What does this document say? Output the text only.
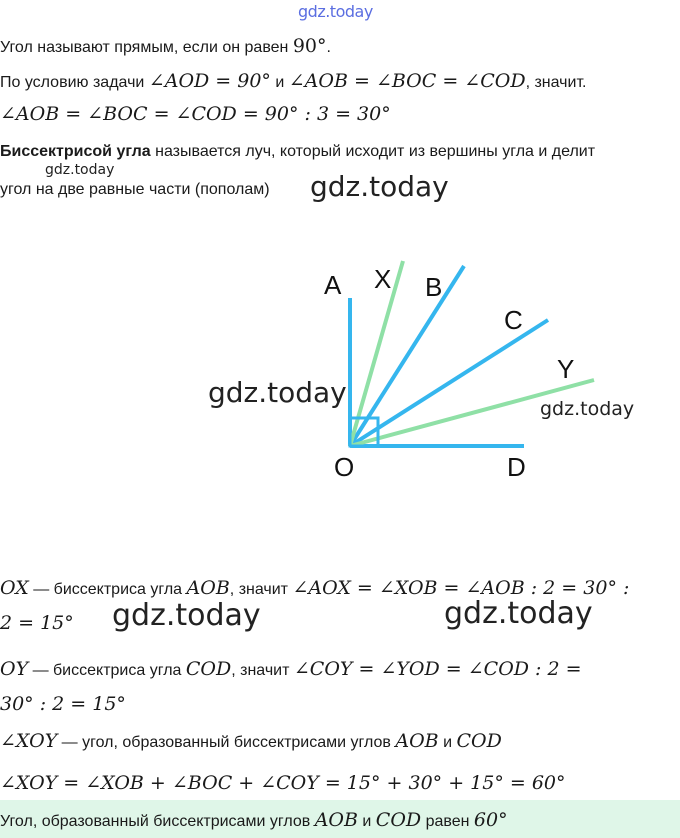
gdz.today
Угол называют прямым, если он равен 90°.
По условию задачи ∠AOD = 90° и ∠AOB = ∠BOC = ∠COD, значит.
∠AOB = ∠BOC = ∠COD = 90° : 3 = 30°
Биссектрисой угла называется луч, который исходит из вершины угла и делит
gdz.today
угол на две равные части (пополам) gdz.today
A X B
C
Y
O	D
gdz.today	gdz.today
OX — биссектриса угла AOB, значит ∠AOX = ∠XOB = ∠AOB : 2 = 30° :
2 = 15° gdz.today	gdz.today
OY — биссектриса угла COD, значит ∠COY = ∠YOD = ∠COD : 2 =
30° : 2 = 15°
∠XOY — угол, образованный биссектрисами углов AOB и COD
∠XOY = ∠XOB + ∠BOC + ∠COY = 15° + 30° + 15° = 60°
Угол, образованный биссектрисами углов AOB и COD равен 60°
